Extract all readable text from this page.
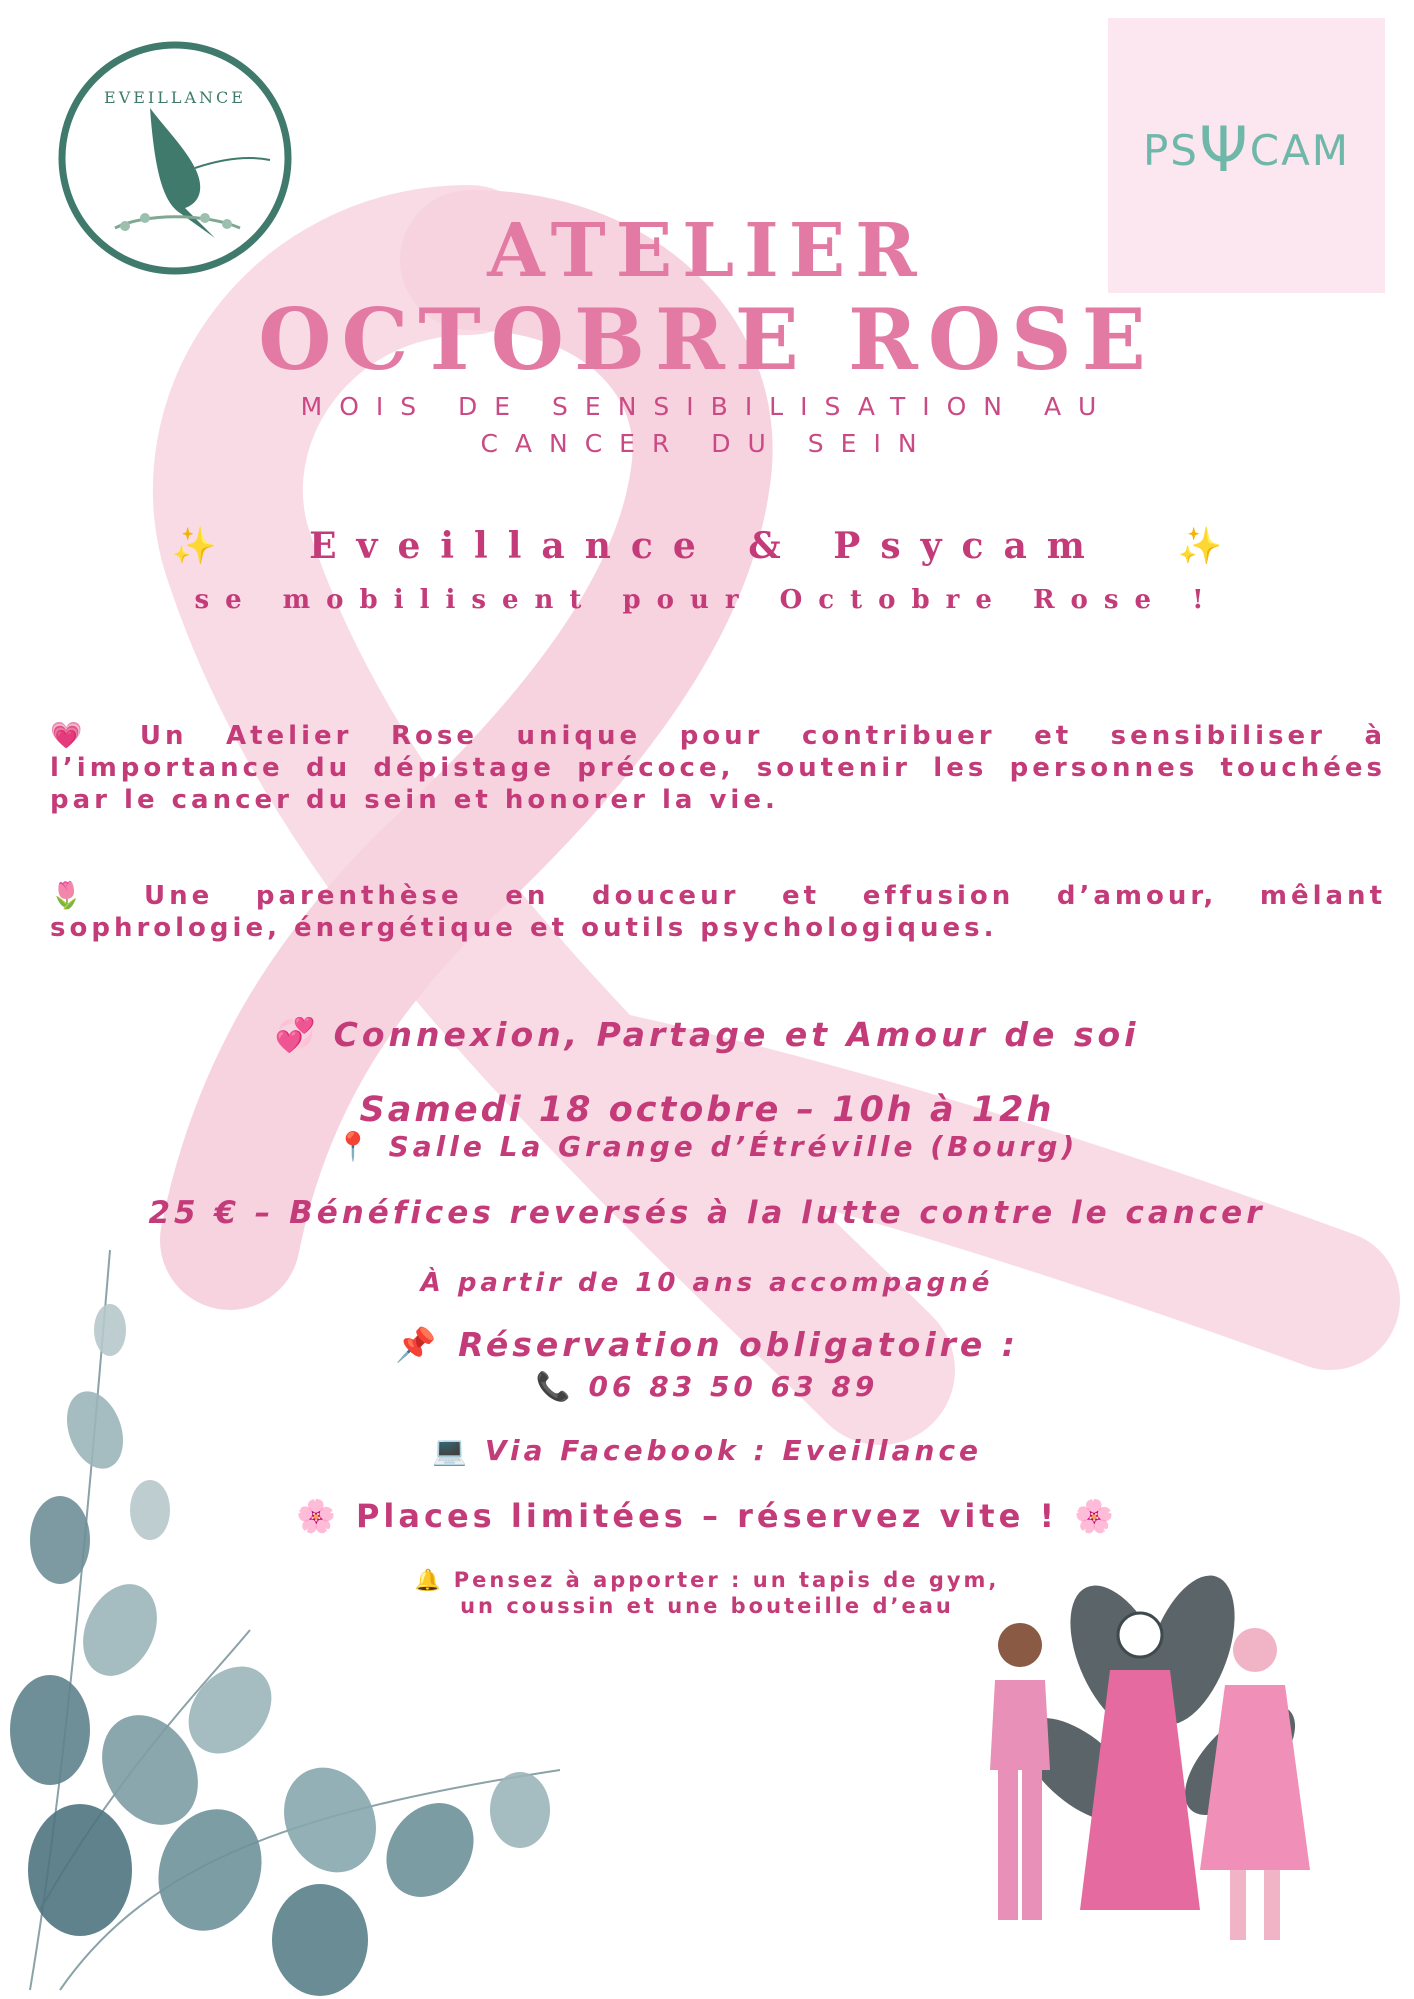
EVEILLANCE
PSΨCAM
ATELIER
OCTOBRE ROSE
MOIS DE SENSIBILISATION AU
CANCER DU SEIN
✨ Eveillance & Psycam ✨
se mobilisent pour Octobre Rose !
💗 Un Atelier Rose unique pour contribuer et sensibiliser à l’importance du dépistage précoce, soutenir les personnes touchées par le cancer du sein et honorer la vie.
🌷 Une parenthèse en douceur et effusion d’amour, mêlant sophrologie, énergétique et outils psychologiques.
💞 Connexion, Partage et Amour de soi
Samedi 18 octobre – 10h à 12h
📍 Salle La Grange d’Étréville (Bourg)
25 € – Bénéfices reversés à la lutte contre le cancer
À partir de 10 ans accompagné
📌 Réservation obligatoire :
📞 06 83 50 63 89
💻 Via Facebook : Eveillance
🌸 Places limitées – réservez vite ! 🌸
🔔 Pensez à apporter : un tapis de gym,
un coussin et une bouteille d’eau
